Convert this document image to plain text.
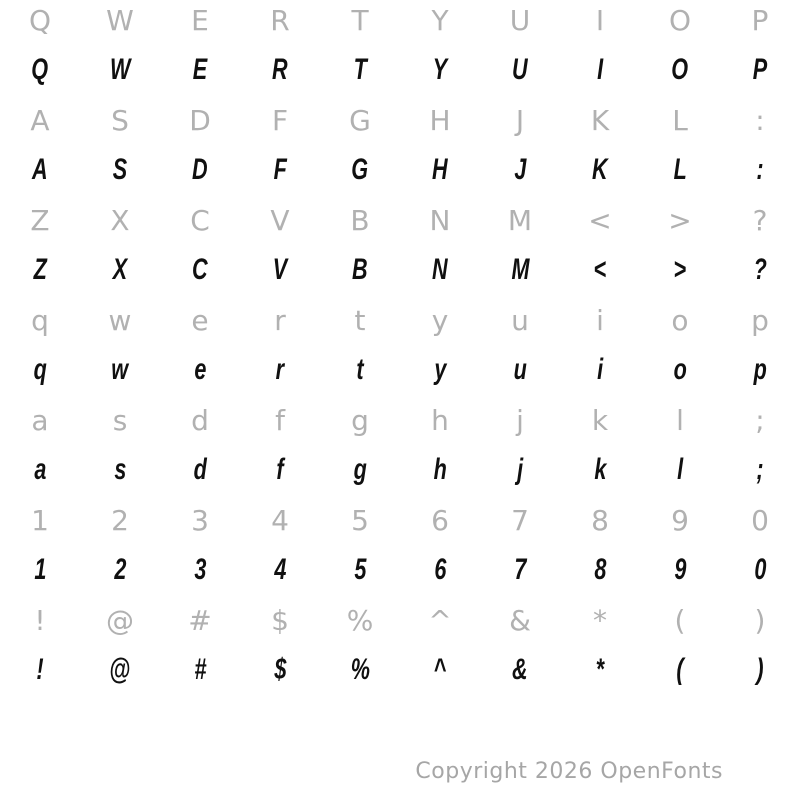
Q W E R T Y U I O P
Q W E R T Y U I O P
A S D F G H J K L :
A S D F G H J K L :
Z X C V B N M < > ?
Z X C V B N M < > ?
q w e r t y u i o p
q w e r t y u i o p
a s d f g h j k l	;
a s d f g h j k l ;
1 2 3 4 5 6 7 8 9 0
1 2 3 4 5 6 7 8 9 0
! @ # $ % ^ & * ( )
! @ # $ % ^ & * ( )
Copyright 2026 OpenFonts
